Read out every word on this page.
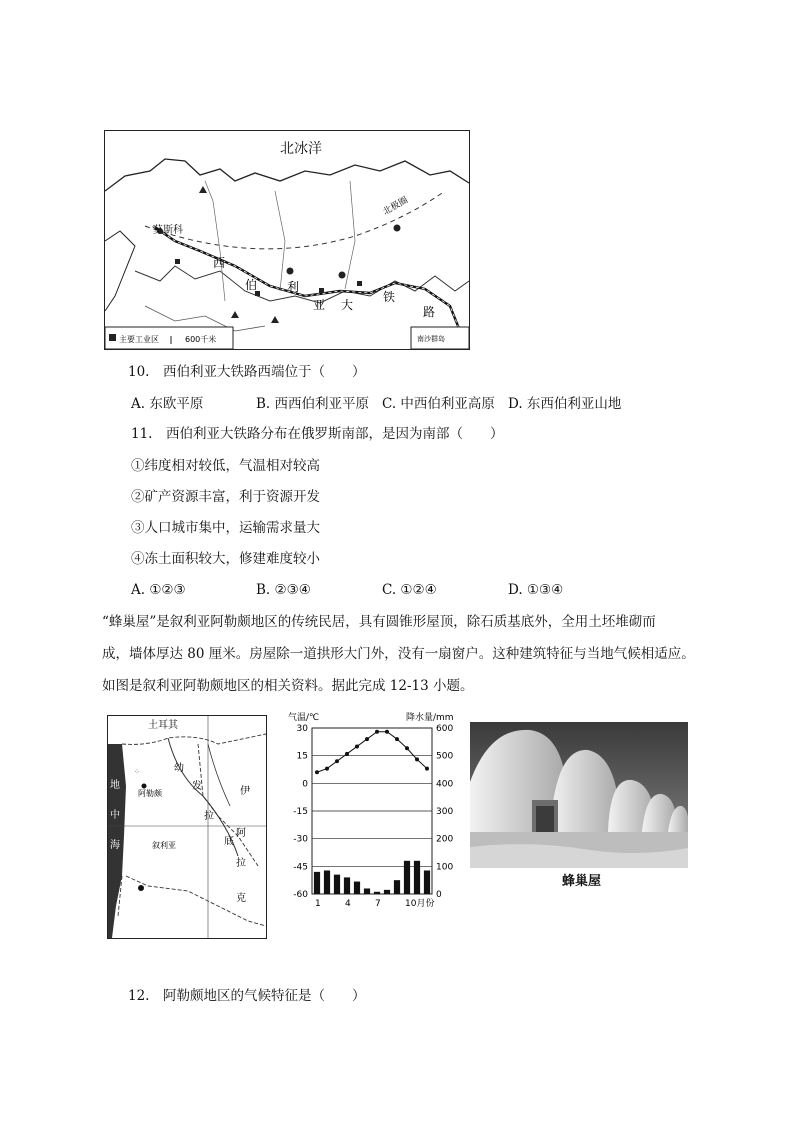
北冰洋
莫斯科
北极圈
西
伯 利
亚 大
铁
路
主要工业区	600千米	南沙群岛
10.　西伯利亚大铁路西端位于（　　）
A. 东欧平原	B. 西西伯利亚平原 C. 中西伯利亚高原 D. 东西伯利亚山地
11.　西伯利亚大铁路分布在俄罗斯南部，是因为南部（　　）
①纬度相对较低，气温相对较高
②矿产资源丰富，利于资源开发
③人口城市集中，运输需求量大
④冻土面积较大，修建难度较小
A. ①②③	B. ②③④	C. ①②④	D. ①③④
“蜂巢屋”是叙利亚阿勒颇地区的传统民居，具有圆锥形屋顶，除石质基底外，全用土坯堆砌而
成，墙体厚达 80 厘米。房屋除一道拱形大门外，没有一扇窗户。这种建筑特征与当地气候相适应。
如图是叙利亚阿勒颇地区的相关资料。据此完成 12-13 小题。
⁘
土耳其
地
中
海
幼
发
拉
底
阿勒颇
叙利亚
伊
阿
拉
克
气温/℃	降水量/mm
30
15
0
-15
-30
-45
-60
600
500
400
300
200
100
0
1	4	7	10月份
蜂巢屋
12.　阿勒颇地区的气候特征是（　　）
